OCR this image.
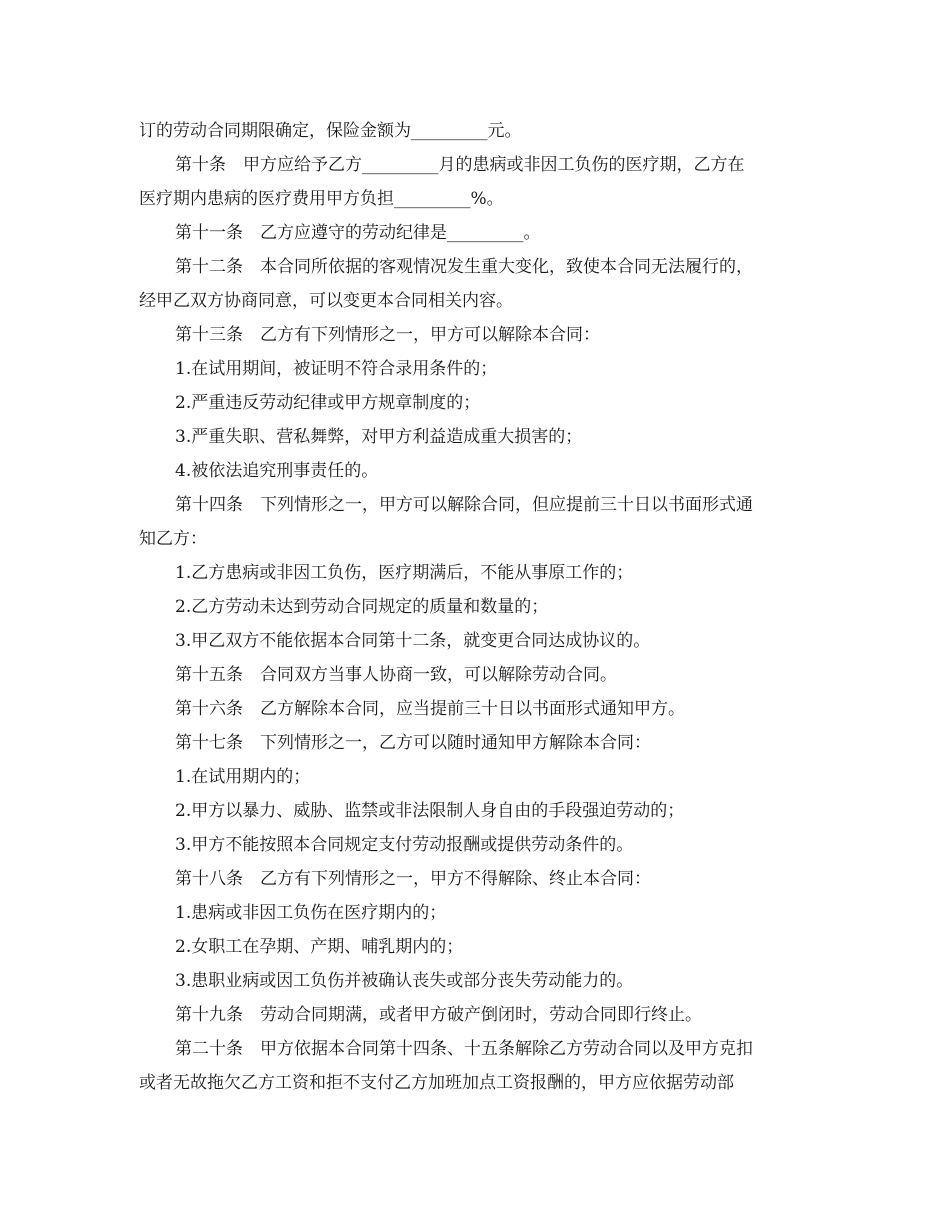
订的劳动合同期限确定，保险金额为_________元。
第十条　甲方应给予乙方_________月的患病或非因工负伤的医疗期，乙方在
医疗期内患病的医疗费用甲方负担_________%。
第十一条　乙方应遵守的劳动纪律是_________。
第十二条　本合同所依据的客观情况发生重大变化，致使本合同无法履行的，
经甲乙双方协商同意，可以变更本合同相关内容。
第十三条　乙方有下列情形之一，甲方可以解除本合同：
1.在试用期间，被证明不符合录用条件的；
2.严重违反劳动纪律或甲方规章制度的；
3.严重失职、营私舞弊，对甲方利益造成重大损害的；
4.被依法追究刑事责任的。
第十四条　下列情形之一，甲方可以解除合同，但应提前三十日以书面形式通
知乙方：
1.乙方患病或非因工负伤，医疗期满后，不能从事原工作的；
2.乙方劳动未达到劳动合同规定的质量和数量的；
3.甲乙双方不能依据本合同第十二条，就变更合同达成协议的。
第十五条　合同双方当事人协商一致，可以解除劳动合同。
第十六条　乙方解除本合同，应当提前三十日以书面形式通知甲方。
第十七条　下列情形之一，乙方可以随时通知甲方解除本合同：
1.在试用期内的；
2.甲方以暴力、威胁、监禁或非法限制人身自由的手段强迫劳动的；
3.甲方不能按照本合同规定支付劳动报酬或提供劳动条件的。
第十八条　乙方有下列情形之一，甲方不得解除、终止本合同：
1.患病或非因工负伤在医疗期内的；
2.女职工在孕期、产期、哺乳期内的；
3.患职业病或因工负伤并被确认丧失或部分丧失劳动能力的。
第十九条　劳动合同期满，或者甲方破产倒闭时，劳动合同即行终止。
第二十条　甲方依据本合同第十四条、十五条解除乙方劳动合同以及甲方克扣
或者无故拖欠乙方工资和拒不支付乙方加班加点工资报酬的，甲方应依据劳动部
